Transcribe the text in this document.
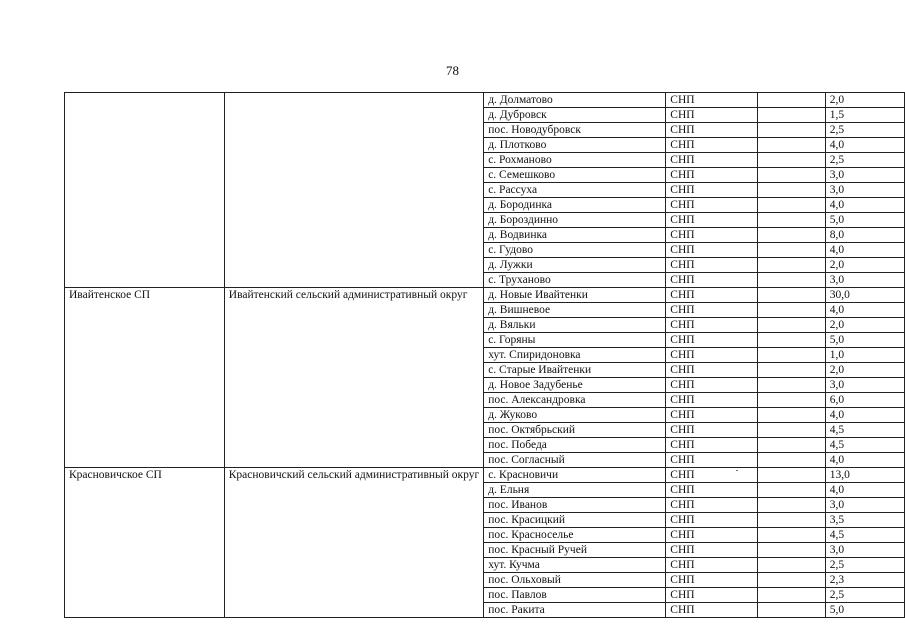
78
		д. Долматово	СНП		2,0
		д. Дубровск	СНП		1,5
		пос. Новодубровск	СНП		2,5
		д. Плотково	СНП		4,0
		с. Рохманово	СНП		2,5
		с. Семешково	СНП		3,0
		с. Рассуха	СНП		3,0
		д. Бородинка	СНП		4,0
		д. Бороздинно	СНП		5,0
		д. Водвинка	СНП		8,0
		с. Гудово	СНП		4,0
		д. Лужки	СНП		2,0
		с. Труханово	СНП		3,0
Ивайтенское СП	Ивайтенский сельский административный округ	д. Новые Ивайтенки	СНП		30,0
		д. Вишневое	СНП		4,0
		д. Вяльки	СНП		2,0
		с. Горяны	СНП		5,0
		хут. Спиридоновка	СНП		1,0
		с. Старые Ивайтенки	СНП		2,0
		д. Новое Задубенье	СНП		3,0
		пос. Александровка	СНП		6,0
		д. Жуково	СНП		4,0
		пос. Октябрьский	СНП		4,5
		пос. Победа	СНП		4,5
		пос. Согласный	СНП		4,0
Красновичское СП	Красновичский сельский административный округ	с. Красновичи	СНП		13,0
		д. Ельня	СНП		4,0
		пос. Иванов	СНП		3,0
		пос. Красицкий	СНП		3,5
		пос. Красноселье	СНП		4,5
		пос. Красный Ручей	СНП		3,0
		хут. Кучма	СНП		2,5
		пос. Ольховый	СНП		2,3
		пос. Павлов	СНП		2,5
		пос. Ракита	СНП		5,0
